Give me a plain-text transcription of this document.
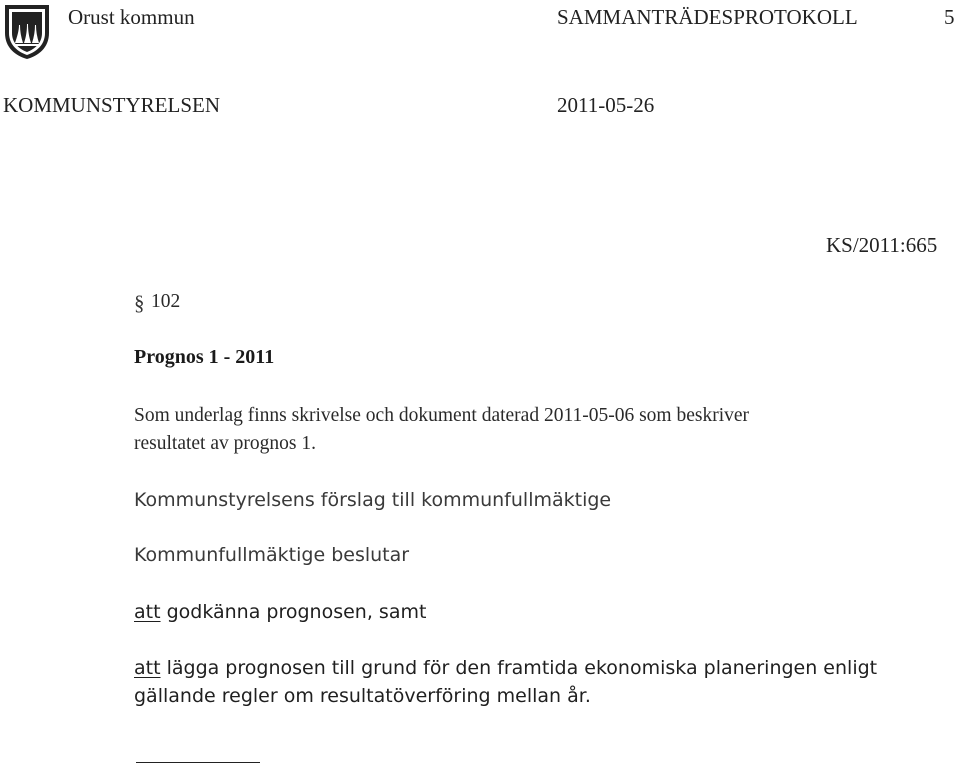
Orust kommun	SAMMANTRÄDESPROTOKOLL	5
KOMMUNSTYRELSEN	2011-05-26
KS/2011:665
§ 102
Prognos 1 - 2011
Som underlag finns skrivelse och dokument daterad 2011-05-06 som beskriver
resultatet av prognos 1.
Kommunstyrelsens förslag till kommunfullmäktige
Kommunfullmäktige beslutar
att godkänna prognosen, samt
att lägga prognosen till grund för den framtida ekonomiska planeringen enligt
gällande regler om resultatöverföring mellan år.
